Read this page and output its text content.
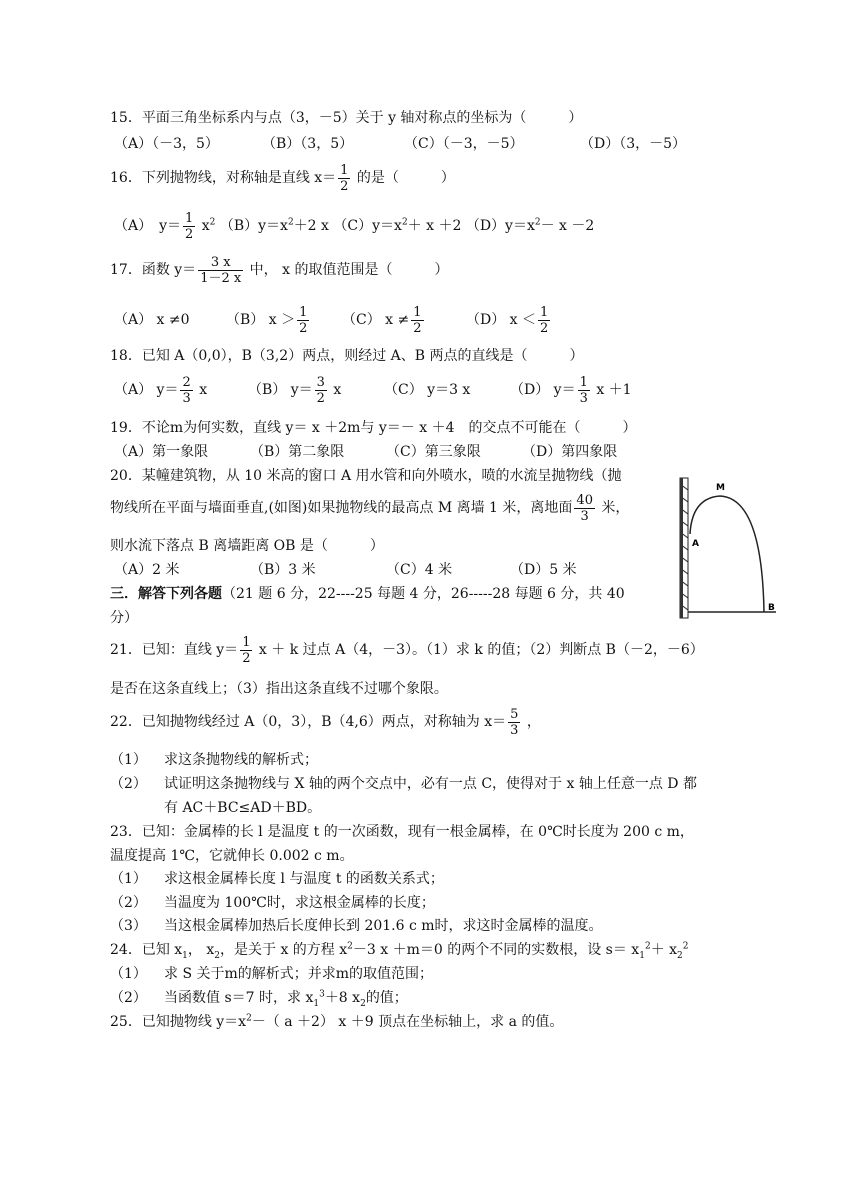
15．平面三角坐标系内与点（3，－5）关于 y 轴对称点的坐标为（　　　）
（A）（－3，5）	（B）（3，5）	（C）（－3，－5）	（D）（3，－5）
16．下列抛物线，对称轴是直线 $x= \frac{1}{2}$ 的是（　　　）
（A）　$y= \frac{1}{2} x^2$ $(B)y=x^2+2$ x $(C)y=x^2+ x +2$ $(D)y=x^2- x -2$
17．函数 $y= \frac{3 x}{1-2 x}$ 中， x 的取值范围是（　　　）
（A） x ≠0	（B） $x > \frac{1}{2} (C) x \ne \frac{1}{2}$	（D） $x < \frac{1}{2}$
18．已知 A（0,0），B（3,2）两点，则经过 A、B 两点的直线是（　　　）
（A） $y= \frac{2}{3}$ x	（B） $y= \frac{3}{2}$ x	（C） y＝3 x	（D） $y= \frac{1}{3}$ x ＋1
19．不论m为何实数，直线 y＝ x ＋2m与 y＝－ x ＋4　的交点不可能在（　　　）
（A）第一象限	（B）第二象限	（C）第三象限	（D）第四象限
20．某幢建筑物，从 10 米高的窗口 A 用水管和向外喷水，喷的水流呈抛物线（抛
物线所在平面与墙面垂直,(如图)如果抛物线的最高点 M 离墙 1 米，离地面 $\frac{40}{3}$ 米，
则水流下落点 B 离墙距离 OB 是（　　　）
（A）2 米	（B）3 米	（C）4 米	（D）5 米
M
A
B
三．解答下列各题（21 题 6 分，22----25 每题 4 分，26-----28 每题 6 分，共 40
分）
21．已知：直线 $y= \frac{1}{2}$ x ＋ k 过点 A（4，－3）。（1）求 k 的值；（2）判断点 B（－2，－6）
是否在这条直线上；（3）指出这条直线不过哪个象限。
22．已知抛物线经过 A（0，3），B（4,6）两点，对称轴为 $x= \frac{5}{3}$ ，
（1） 求这条抛物线的解析式；
（2） 试证明这条抛物线与 X 轴的两个交点中，必有一点 C，使得对于 x 轴上任意一点 D 都
有 AC＋BC≤AD＋BD。
23．已知：金属棒的长 l 是温度 t 的一次函数，现有一根金属棒，在 0℃时长度为 200 c m，
温度提高 1℃，它就伸长 0.002 c m。
（1） 求这根金属棒长度 l 与温度 t 的函数关系式；
（2） 当温度为 100℃时，求这根金属棒的长度；
（3） 当这根金属棒加热后长度伸长到 201.6 c m时，求这时金属棒的温度。
24．已知 $x_1$， $x_2$，是关于 x 的方程 $x^2-3$ x ＋m＝0 的两个不同的实数根，设 $s= x_1^2+ x_2^2$
（1） 求 S 关于m的解析式；并求m的取值范围；
（2） 当函数值 s＝7 时，求 $x_1^3+8$ $x_2$的值；
25．已知抛物线 $y=x^2-$（ a ＋2） x ＋9 顶点在坐标轴上，求 a 的值。
